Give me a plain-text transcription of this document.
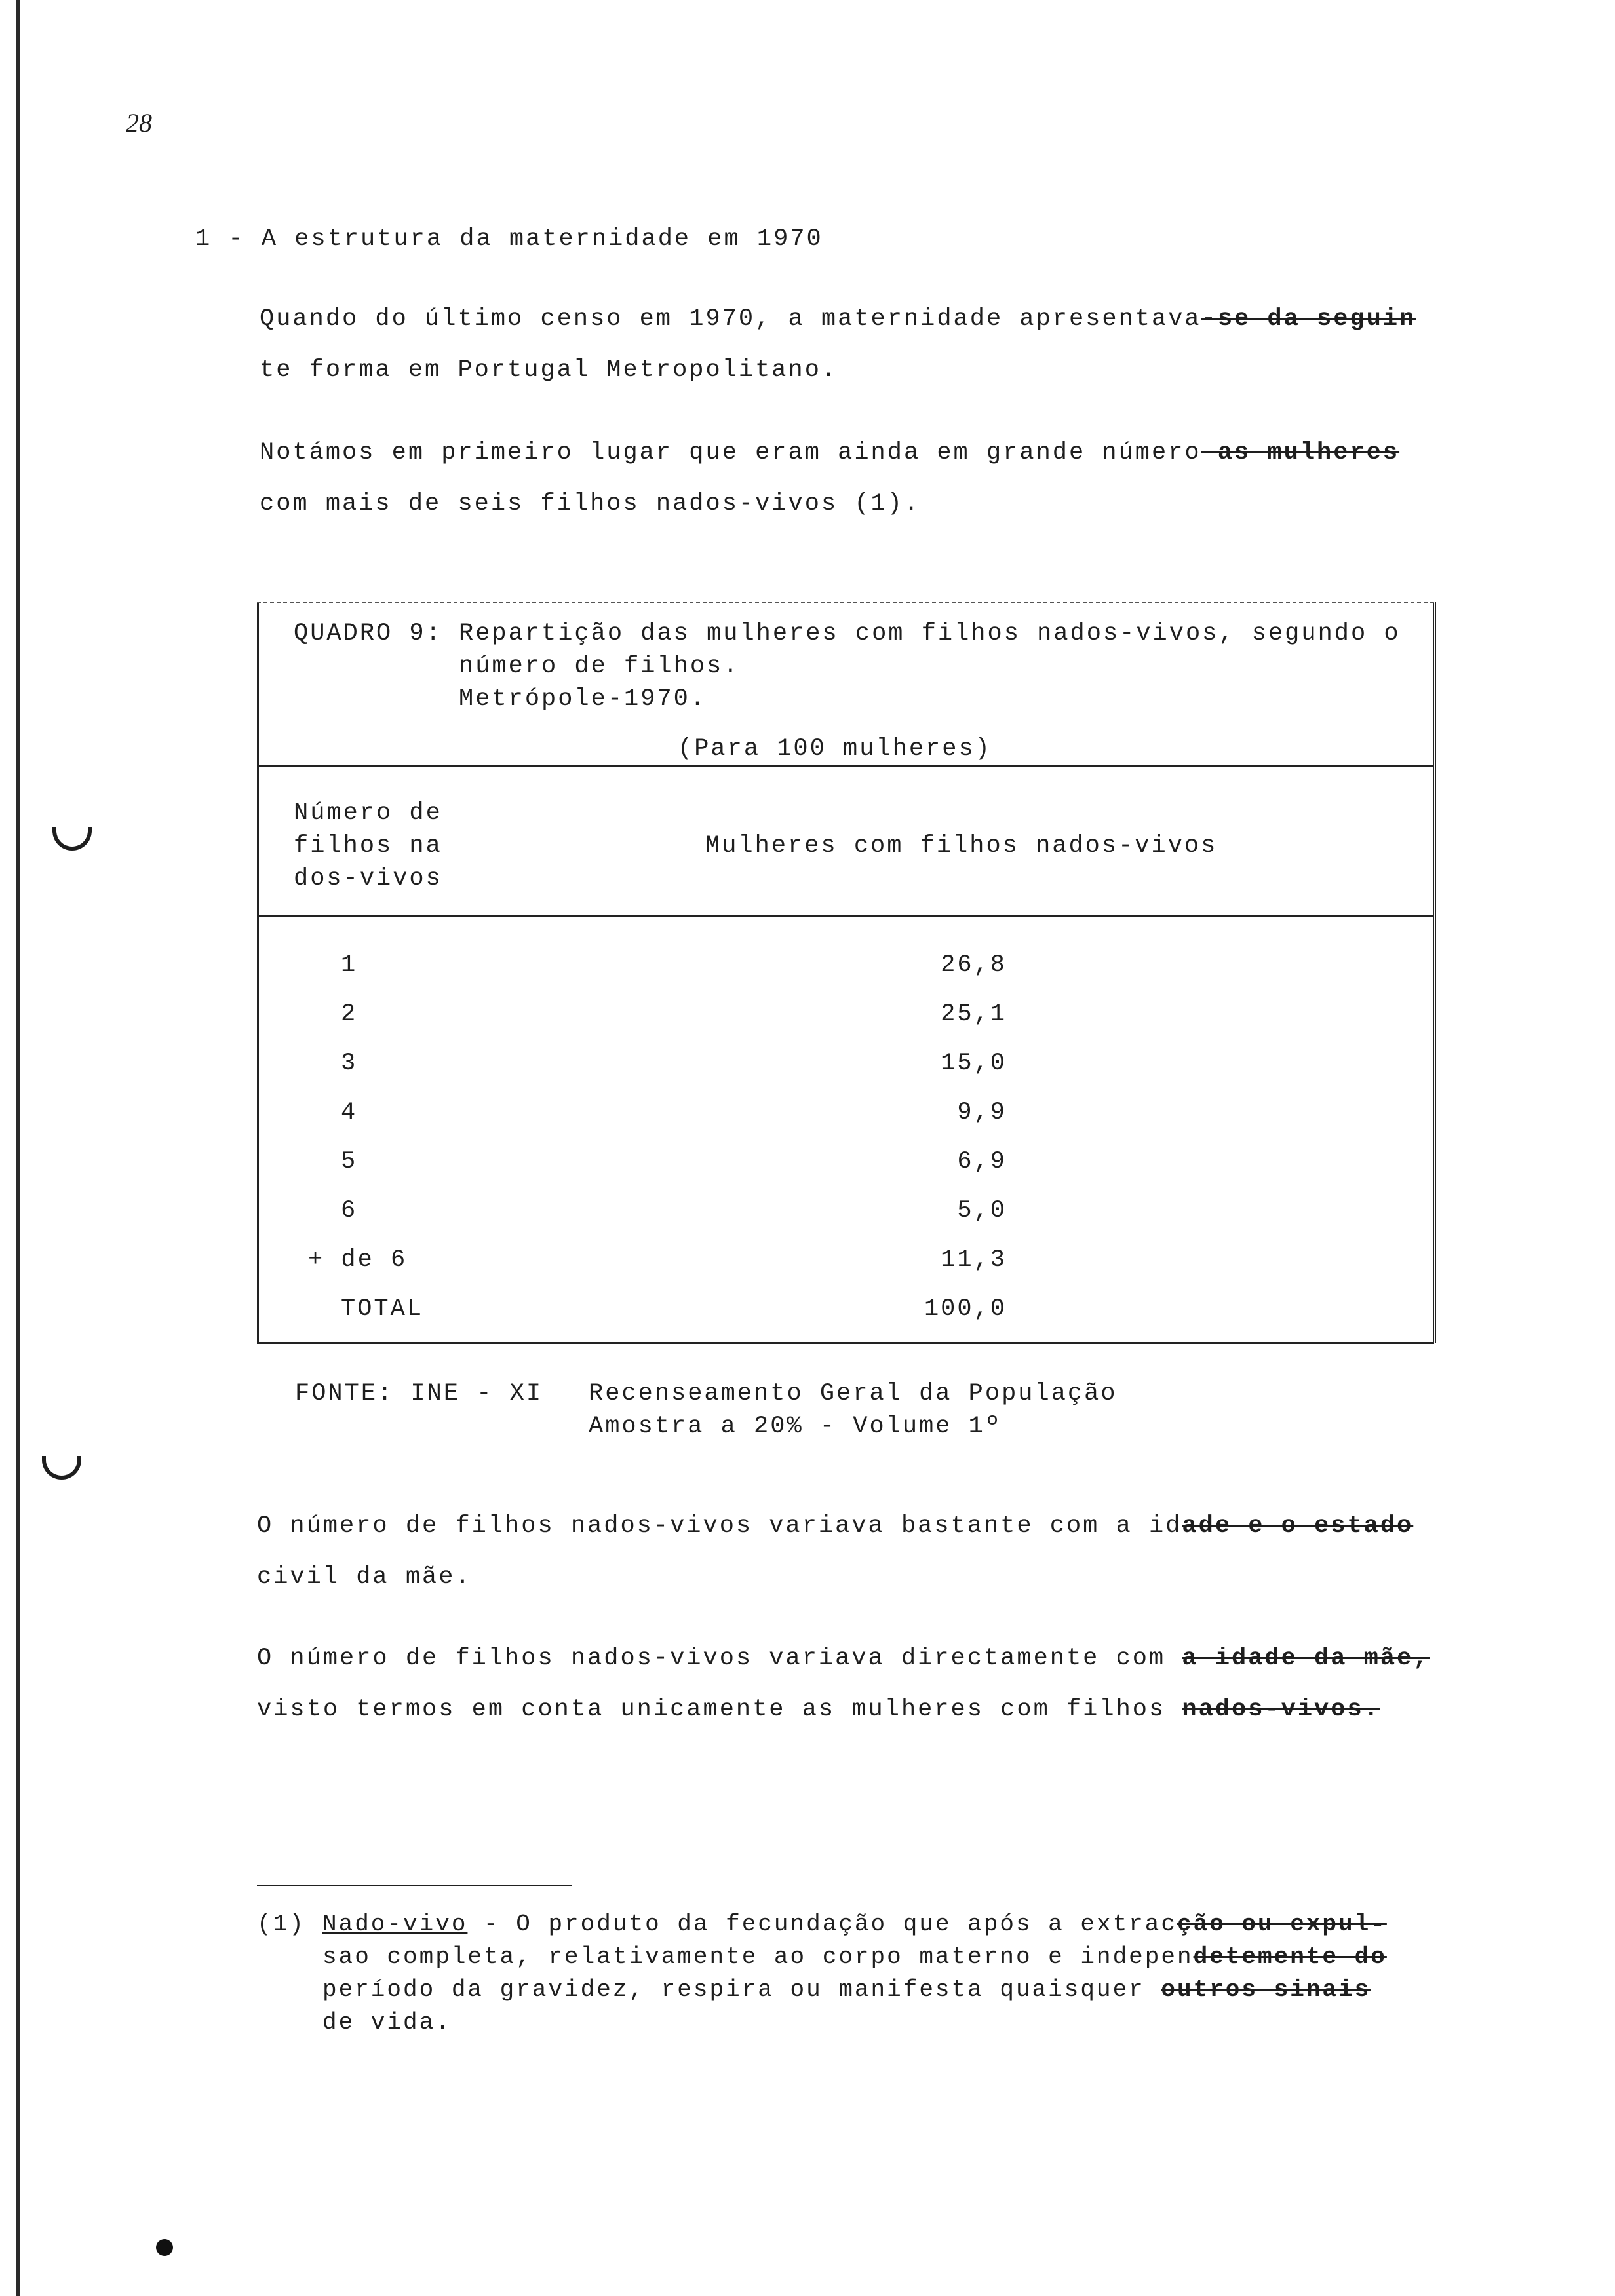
28
1 - A estrutura da maternidade em 1970
Quando do último censo em 1970, a maternidade apresentava-se da seguin
te forma em Portugal Metropolitano.
Notámos em primeiro lugar que eram ainda em grande número as mulheres
com mais de seis filhos nados-vivos (1).
QUADRO 9: Repartição das mulheres com filhos nados-vivos, segundo o
número de filhos.
Metrópole-1970.
(Para 100 mulheres)
Número de
filhos na
dos-vivos
Mulheres com filhos nados-vivos
1	26,8
2	25,1
3	15,0
4	9,9
5	6,9
6	5,0
+ de 6	11,3
TOTAL	100,0
FONTE: INE - XI Recenseamento Geral da População
Amostra a 20% - Volume 1º
O número de filhos nados-vivos variava bastante com a idade e o estado
civil da mãe.
O número de filhos nados-vivos variava directamente com a idade da mãe,
visto termos em conta unicamente as mulheres com filhos nados-vivos.
(1) Nado-vivo - O produto da fecundação que após a extracção ou expul-
sao completa, relativamente ao corpo materno e independetemente do
período da gravidez, respira ou manifesta quaisquer outros sinais
de vida.
